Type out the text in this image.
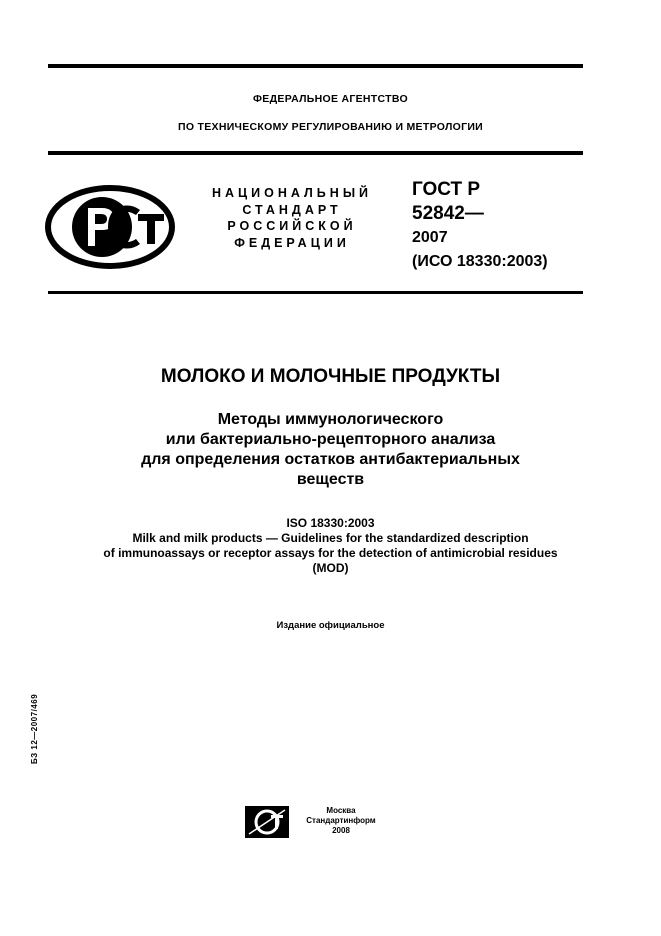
ФЕДЕРАЛЬНОЕ АГЕНТСТВО
ПО ТЕХНИЧЕСКОМУ РЕГУЛИРОВАНИЮ И МЕТРОЛОГИИ
НАЦИОНАЛЬНЫЙ
СТАНДАРТ
РОССИЙСКОЙ
ФЕДЕРАЦИИ
ГОСТ Р
52842—
2007
(ИСО 18330:2003)
МОЛОКО И МОЛОЧНЫЕ ПРОДУКТЫ
Методы иммунологического
или бактериально-рецепторного анализа
для определения остатков антибактериальных
веществ
ISO 18330:2003
Milk and milk products — Guidelines for the standardized description
of immunoassays or receptor assays for the detection of antimicrobial residues
(MOD)
Издание официальное
БЗ 12—2007/469
Москва
Стандартинформ
2008
